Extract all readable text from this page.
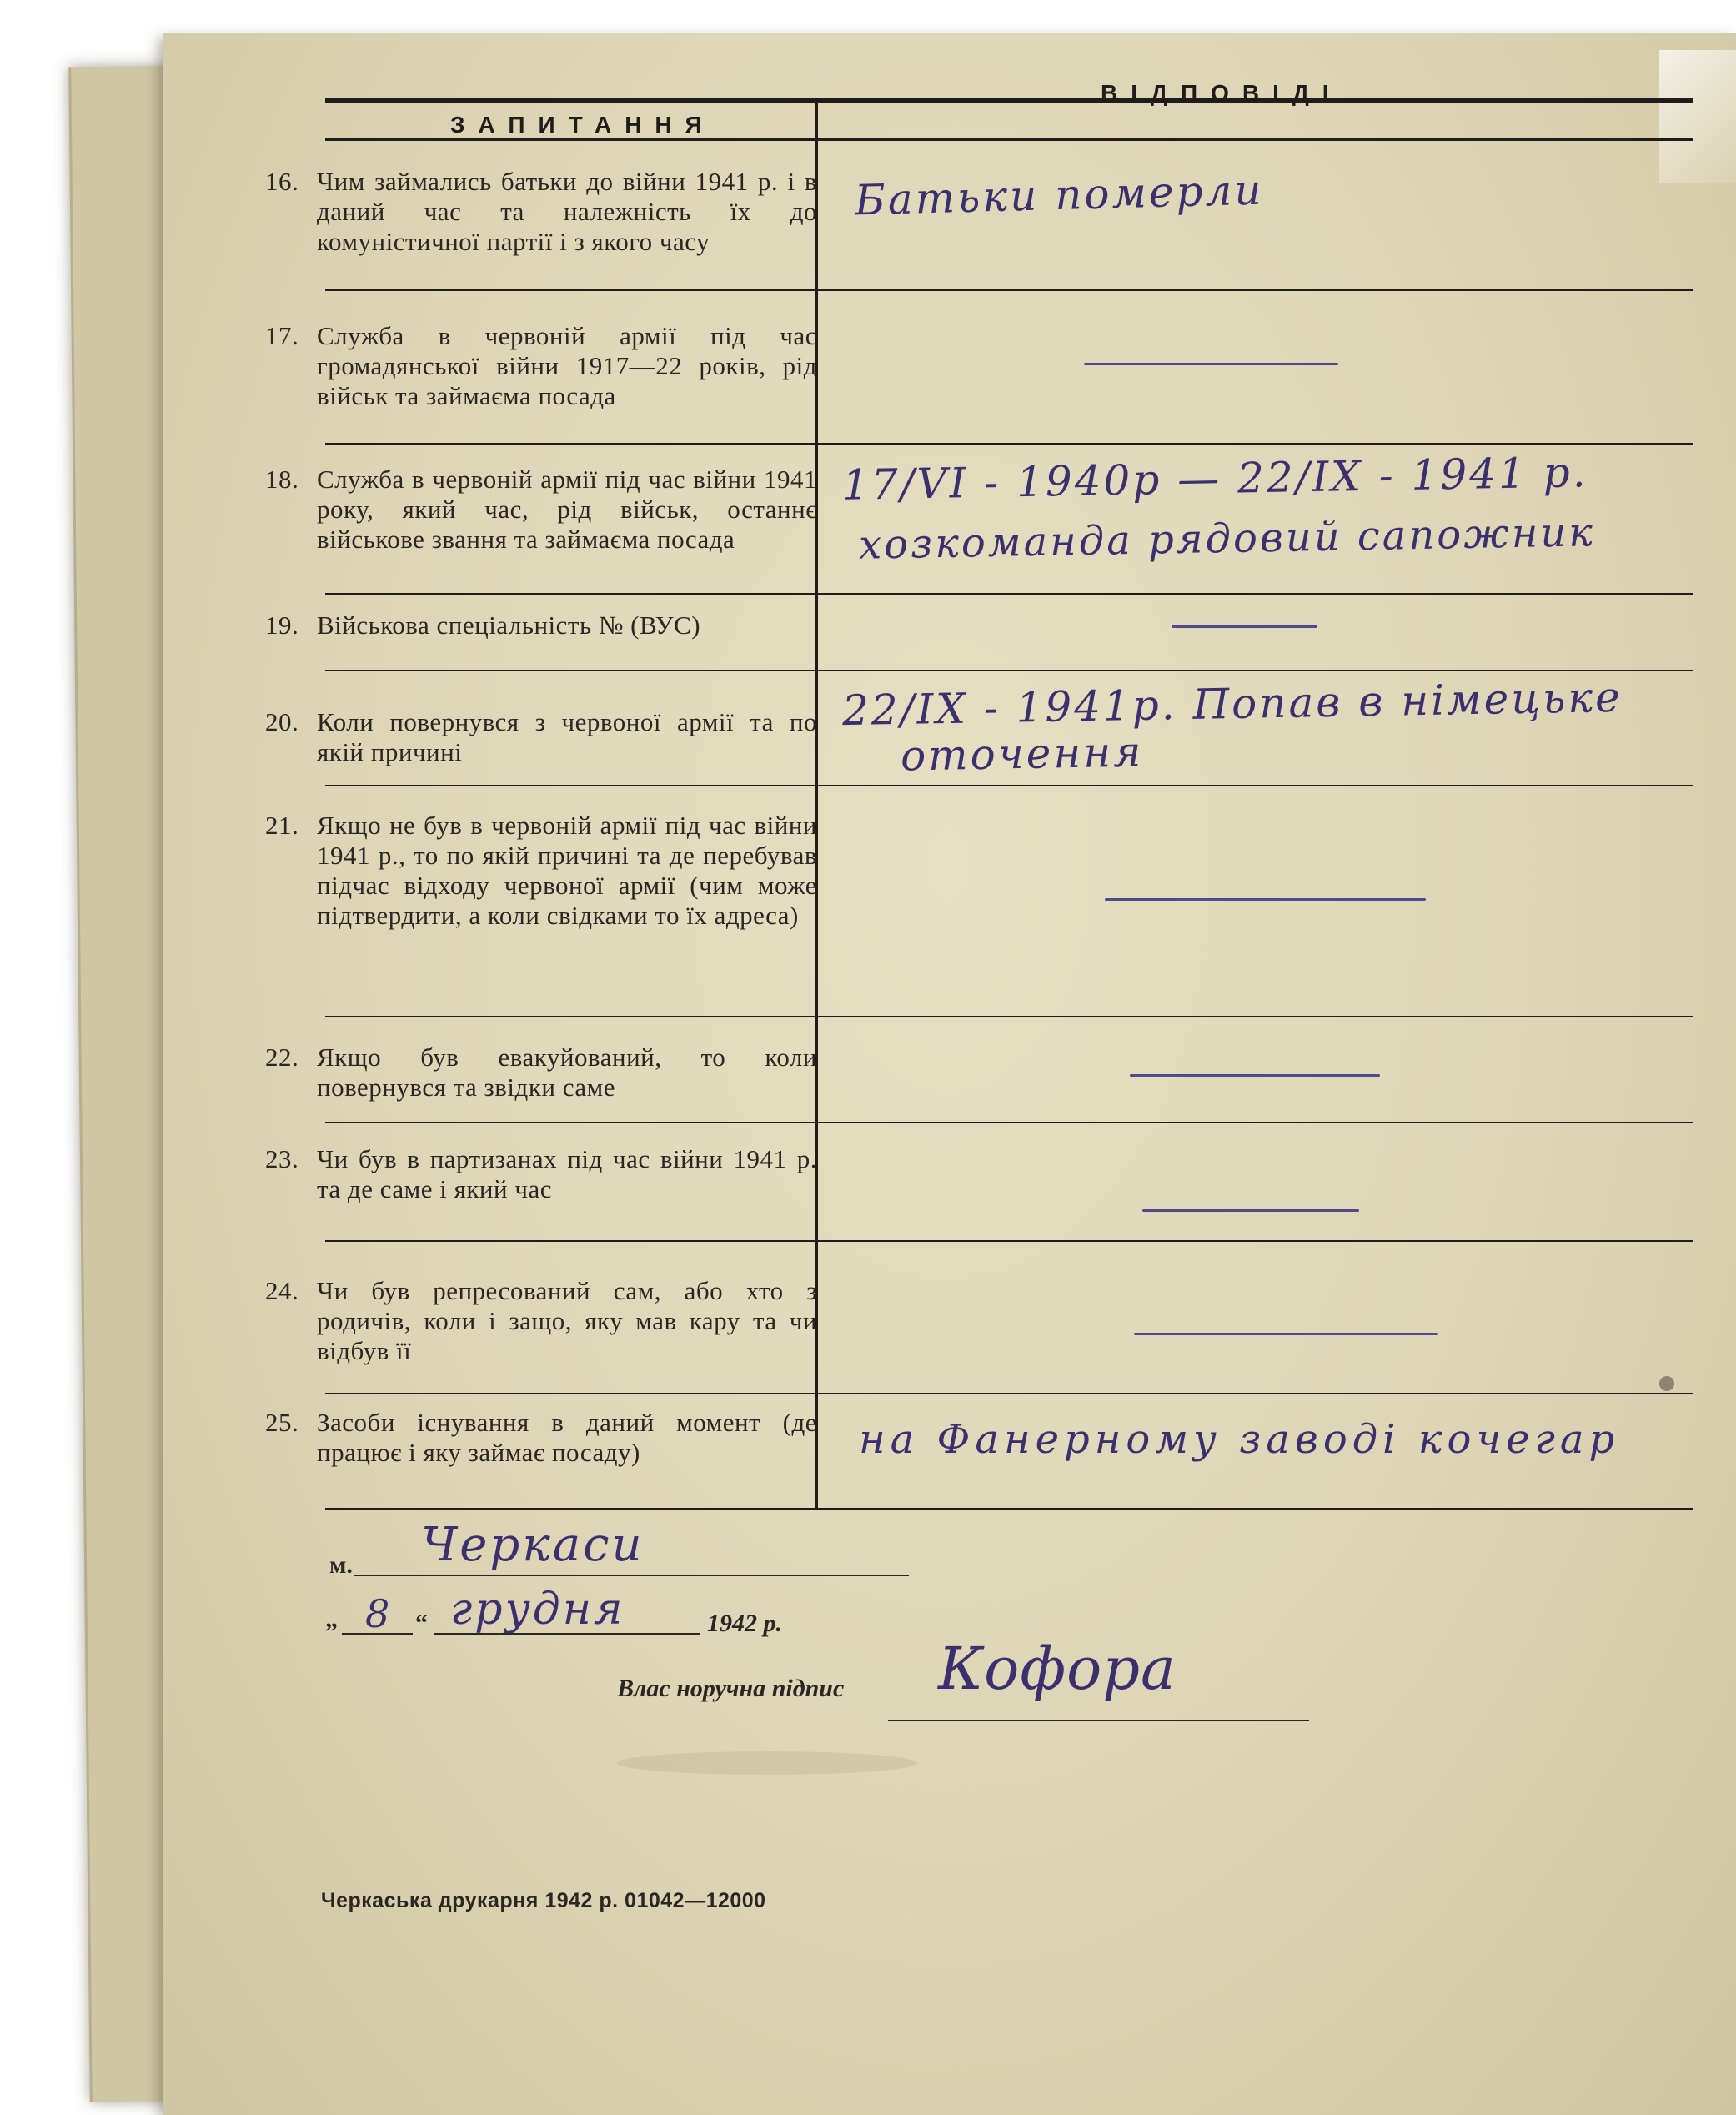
ЗАПИТАННЯ
ВІДПОВІДІ
16. Чим займались батьки до війни 1941 р. і в даний час та належність їх до комуністичної партії і з якого часу
Батьки померли
17. Служба в червоній армії під час громадянської війни 1917—22 років, рід військ та займаєма посада
18. Служба в червоній армії під час війни 1941 року, який час, рід військ, останнє військове звання та займаєма посада
17/VI - 1940р — 22/IX - 1941 р.
хозкоманда рядовий сапожник
19. Військова спеціальність № (ВУС)
20. Коли повернувся з червоної армії та по якій причині
22/IX - 1941р. Попав в німецьке
оточення
21. Якщо не був в червоній армії під час війни 1941 р., то по якій причині та де перебував підчас відходу червоної армії (чим може підтвердити, а коли свідками то їх адреса)
22. Якщо був евакуйований, то коли повернувся та звідки саме
23. Чи був в партизанах під час війни 1941 р. та де саме і який час
24. Чи був репресований сам, або хто з родичів, коли і защо, яку мав кару та чи відбув її
25. Засоби існування в даний момент (де працює і яку займає посаду)	на Фанерному заводі кочегар
м. Черкаси
„ 8 “ грудня	1942 р.
Влас норучна підпис Кофора
Черкаська друкарня 1942 р. 01042—12000
